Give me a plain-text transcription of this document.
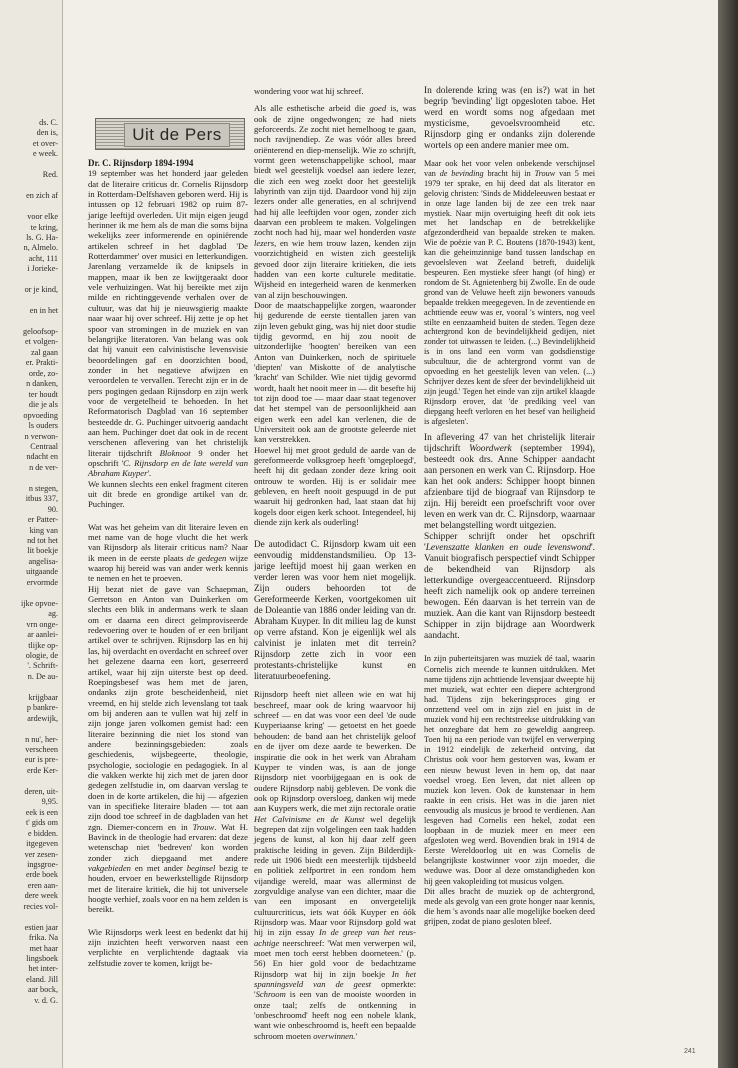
ds. C.

den is,

et over-

e week.

Red.

en zich af

voor elke

te kring,

ls. G. Ha-

n, Almelo.

acht, 111

i Jorieke-

or je kind,

en in het

geloofsop-

et volgen-

zal gaan

er. Prakti-

orde, zo-

n danken,

ter houdt

die je als

opvoeding

ls ouders

n verwon-

Centraal

ndacht en

n de ver-

n stegen,

itbus 337,

90.

er Patter-

king van

nd tot het

lit boekje

angelisa-

uitgaande

ervormde

ijke opvoe-

ag.

vrn onge-

ar aanlei-

tlijke op-

ologie, de

'. Schrift-

n. De au-

krijgbaar

p bankre-

ardewijk,

n nu', her-

verscheen

eur is pre-

erde Ker-

deren, uit-

9,95.

eek is een

t' gids om

e bidden.

itgegeven

ver zesen-

ingsgroe-

erde boek

eren aan-

dere week

recies vol-

estien jaar

frika. Na

met haar

lingsboek

het inter-

eland. Jill

aar bock,

v. d. G.

Uit de Pers

Dr. C. Rijnsdorp 1894-1994

19 september was het honderd jaar geleden dat de literaire criticus dr. Cornelis Rijnsdorp in Rotterdam-Delfshaven geboren werd. Hij is intussen op 12 februari 1982 op ruim 87-jarige leeftijd overleden. Uit mijn eigen jeugd herinner ik me hem als de man die soms bijna wekelijks zeer informerende en opiniërende artikelen schreef in het dagblad 'De Rotterdammer' over musici en letterkundigen. Jarenlang verzamelde ik de knipsels in mappen, maar ik ben ze kwijtgeraakt door vele verhuizingen. Wat hij bereikte met zijn milde en richtinggevende verhalen over de cultuur, was dat hij je nieuwsgierig maakte naar waar hij over schreef. Hij zette je op het spoor van stromingen in de muziek en van belangrijke literatoren. Van belang was ook dat hij vanuit een calvinistische levensvisie beoordelingen gaf en doorzichten bood, zonder in het negatieve afwijzen en veroordelen te vervallen. Terecht zijn er in de pers pogingen gedaan Rijnsdorp en zijn werk voor de vergetelheid te behoeden. In het Reformatorisch Dagblad van 16 september besteedde dr. G. Puchinger uitvoerig aandacht aan hem. Puchinger doet dat ook in de recent verschenen aflevering van het christelijk literair tijdschrift Bloknoot 9 onder het opschrift 'C. Rijnsdorp en de late wereld van Abraham Kuyper'.

We kunnen slechts een enkel fragment citeren uit dit brede en grondige artikel van dr. Puchinger.

Wat was het geheim van dit literaire leven en met name van de hoge vlucht die het werk van Rijnsdorp als literair criticus nam? Naar ik meen in de eerste plaats de gedegen wijze waarop hij bereid was van ander werk kennis te nemen en het te proeven.

Hij bezat niet de gave van Schaepman, Gerretson en Anton van Duinkerken om slechts een blik in andermans werk te slaan om er daarna een direct geïmproviseerde redevoering over te houden of er een briljant artikel over te schrijven. Rijnsdorp las en hij las, hij overdacht en overdacht en schreef over het gelezene daarna een kort, geserreerd artikel, waar hij zijn uiterste best op deed. Roepingsbesef was hem met de jaren, ondanks zijn grote bescheidenheid, niet vreemd, en hij stelde zich levenslang tot taak om bij anderen aan te vullen wat hij zelf in zijn jonge jaren volkomen gemist had: een literaire bezinning die niet los stond van andere bezinningsgebieden: zoals geschiedenis, wijsbegeerte, theologie, psychologie, sociologie en pedagogiek. In al die vakken werkte hij zich met de jaren door gedegen zelfstudie in, om daarvan verslag te doen in de korte artikelen, die hij — afgezien van in specifieke literaire bladen — tot aan zijn dood toe schreef in de dagbladen van het zgn. Diemer-concern en in Trouw. Wat H. Bavinck in de theologie had ervaren: dat deze wetenschap niet 'bedreven' kon worden zonder zich diepgaand met andere vakgebieden en met ander beginsel bezig te houden, ervoer en bewerkstelligde Rijnsdorp met de literaire kritiek, die hij tot universele hoogte verhief, zoals voor en na hem zelden is bereikt.

Wie Rijnsdorps werk leest en bedenkt dat hij zijn inzichten heeft verworven naast een verplichte en verplichtende dagtaak via zelfstudie zover te komen, krijgt be-

wondering voor wat hij schreef.

Als alle esthetische arbeid die goed is, was ook de zijne ongedwongen; ze had niets geforceerds. Ze zocht niet hemelhoog te gaan, noch ravijnendiep. Ze was vóór alles breed oriënterend en diep-menselijk. Wie zo schrijft, vormt geen wetenschappelijke school, maar biedt wel geestelijk voedsel aan iedere lezer, die zich een weg zoekt door het geestelijk labyrinth van zijn tijd. Daardoor vond hij zijn lezers onder alle generaties, en al schrijvend had hij alle leeftijden voor ogen, zonder zich daarvan een probleem te maken. Volgelingen zocht noch had hij, maar wel honderden vaste lezers, en wie hem trouw lazen, kenden zijn voorzichtigheid en wisten zich geestelijk gevoed door zijn literaire kritieken, die iets hadden van een korte culturele meditatie. Wijsheid en integerheid waren de kenmerken van al zijn beschouwingen.

Door de maatschappelijke zorgen, waaronder hij gedurende de eerste tientallen jaren van zijn leven gebukt ging, was hij niet door studie tijdig gevormd, en hij zou nooit de uitzonderlijke 'hoogten' bereiken van een Anton van Duinkerken, noch de spirituele 'diepten' van Miskotte of de analytische 'kracht' van Schilder. Wie niet tijdig gevormd wordt, haalt het nooit meer in — dit besefte hij tot zijn dood toe — maar daar staat tegenover dat het stempel van de persoonlijkheid aan eigen werk een adel kan verlenen, die de Universiteit ook aan de grootste geleerde niet kan verstrekken.

Hoewel hij met groot geduld de aarde van de gereformeerde volksgroep heeft 'omgeploegd', heeft hij dit gedaan zonder deze kring ooit ontrouw te worden. Hij is er solidair mee gebleven, en heeft nooit gespuugd in de put waaruit hij gedronken had, laat staan dat hij kogels door eigen kerk schoot. Integendeel, hij diende zijn kerk als ouderling!

De autodidact C. Rijnsdorp kwam uit een eenvoudig middenstandsmilieu. Op 13-jarige leeftijd moest hij gaan werken en verder leren was voor hem niet mogelijk. Zijn ouders behoorden tot de Gereformeerde Kerken, voortgekomen uit de Doleantie van 1886 onder leiding van dr. Abraham Kuyper. In dit milieu lag de kunst op verre afstand. Kon je eigenlijk wel als calvinist je inlaten met dit terrein? Rijnsdorp zette zich in voor een protestants-christelijke kunst en literatuurbeoefening.

Rijnsdorp heeft niet alleen wie en wat hij beschreef, maar ook de kring waarvoor hij schreef — en dat was voor een deel 'de oude Kuyperiaanse kring' — getoetst en het goede behouden: de band aan het christelijk geloof en de ijver om deze aarde te bewerken. De inspiratie die ook in het werk van Abraham Kuyper te vinden was, is aan de jonge Rijnsdorp niet voorbijgegaan en is ook de oudere Rijnsdorp nabij gebleven. De vonk die ook op Rijnsdorp oversloeg, danken wij mede aan Kuypers werk, die met zijn rectorale oratie Het Calvinisme en de Kunst wel degelijk begrepen dat zijn volgelingen een taak hadden jegens de kunst, al kon hij daar zelf geen praktische leiding in geven. Zijn Bilderdijk-rede uit 1906 biedt een meesterlijk tijdsbeeld en politiek zelfportret in een rondom hem vijandige wereld, maar was allerminst de zorgvuldige analyse van een dichter, maar die van een imposant en onvergetelijk cultuurcriticus, iets wat óók Kuyper en óók Rijnsdorp was. Maar voor Rijnsdorp gold wat hij in zijn essay In de greep van het reus-achtige neerschreef: 'Wat men verwerpen wil, moet men toch eerst hebben doorneteen.' (p. 56) En hier gold voor de bedachtzame Rijnsdorp wat hij in zijn boekje In het spanningsveld van de geest opmerkte: 'Schroom is een van de mooiste woorden in onze taal; zelfs de ontkenning in 'onbeschroomd' heeft nog een nobele klank, want wie onbeschroomd is, heeft een bepaalde schroom moeten overwinnen.'

In dolerende kring was (en is?) wat in het begrip 'bevinding' ligt opgesloten taboe. Het werd en wordt soms nog afgedaan met mysticisme, gevoelsvroomheid etc. Rijnsdorp ging er ondanks zijn dolerende wortels op een andere manier mee om.

Maar ook het voor velen onbekende verschijnsel van de bevinding bracht hij in Trouw van 5 mei 1979 ter sprake, en hij deed dat als literator en gelovig christen: 'Sinds de Middeleeuwen bestaat er in onze lage landen bij de zee een trek naar mystiek. Naar mijn overtuiging heeft dit ook iets met het landschap en de betrekkelijke afgezonderdheid van bepaalde streken te maken. Wie de poëzie van P. C. Boutens (1870-1943) kent, kan die geheimzinnige band tussen landschap en gevoelsleven wat Zeeland betreft, duidelijk bespeuren. Een mystieke sfeer hangt (of hing) er rondom de St. Agnietenberg bij Zwolle. En de oude grond van de Veluwe heeft zijn bewoners vanouds bepaalde trekken meegegeven. In de zeventiende en achttiende eeuw was er, vooral 's winters, nog veel stilte en eenzaamheid buiten de steden. Tegen deze achtergrond kon de bevindelijkheid gedijen, niet zonder tot uitwassen te leiden. (...) Bevindelijkheid is in ons land een vorm van godsdienstige subcultuur, die de achtergrond vormt van de opvoeding en het geestelijk leven van velen. (...) Schrijver dezes kent de sfeer der bevindelijkheid uit zijn jeugd.' Tegen het einde van zijn artikel klaagde Rijnsdorp erover, dat 'de prediking veel van diepgang heeft verloren en het besef van heiligheid is afgesleten'.

In aflevering 47 van het christelijk literair tijdschrift Woordwerk (september 1994), besteedt ook drs. Anne Schipper aandacht aan personen en werk van C. Rijnsdorp. Hoe kan het ook anders: Schipper hoopt binnen afzienbare tijd de biograaf van Rijnsdorp te zijn. Hij bereidt een proefschrift voor over leven en werk van dr. C. Rijnsdorp, waarnaar met belangstelling wordt uitgezien.

Schipper schrijft onder het opschrift 'Levenszatte klanken en oude levenswond'. Vanuit biografisch perspectief vindt Schipper de bekendheid van Rijnsdorp als letterkundige overgeaccentueerd. Rijnsdorp heeft zich namelijk ook op andere terreinen bewogen. Eén daarvan is het terrein van de muziek. Aan die kant van Rijnsdorp besteedt Schipper in zijn bijdrage aan Woordwerk aandacht.

In zijn puberteitsjaren was muziek dé taal, waarin Cornelis zich meende te kunnen uitdrukken. Met name tijdens zijn achttiende levensjaar dweepte hij met muziek, wat echter een diepere achtergrond had. Tijdens zijn bekeringsproces ging er onrzettend veel om in zijn ziel en juist in de muziek vond hij een rechtstreekse uitdrukking van het onzegbare dat hem zo geweldig aangreep. Toen hij na een periode van twijfel en verwerping in 1912 eindelijk de zekerheid ontving, dat Christus ook voor hem gestorven was, kwam er een nieuw bewust leven in hem op, dat naar voedsel vroeg. Een leven, dat niet alleen op muziek kon leven. Ook de kunstenaar in hem raakte in een crisis. Het was in die jaren niet eenvoudig als musicus je brood te verdienen. Aan lesgeven had Cornelis een hekel, zodat een loopbaan in de muziek meer en meer een afgesloten weg werd. Bovendien brak in 1914 de Eerste Wereldoorlog uit en was Cornelis de belangrijkste kostwinner voor zijn moeder, die weduwe was. Door al deze omstandigheden kon hij geen vakopleiding tot musicus volgen.

Dit alles bracht de muziek op de achtergrond, mede als gevolg van een grote honger naar kennis, die hem 's avonds naar alle mogelijke boeken deed grijpen, zodat de piano gesloten bleef.

241
